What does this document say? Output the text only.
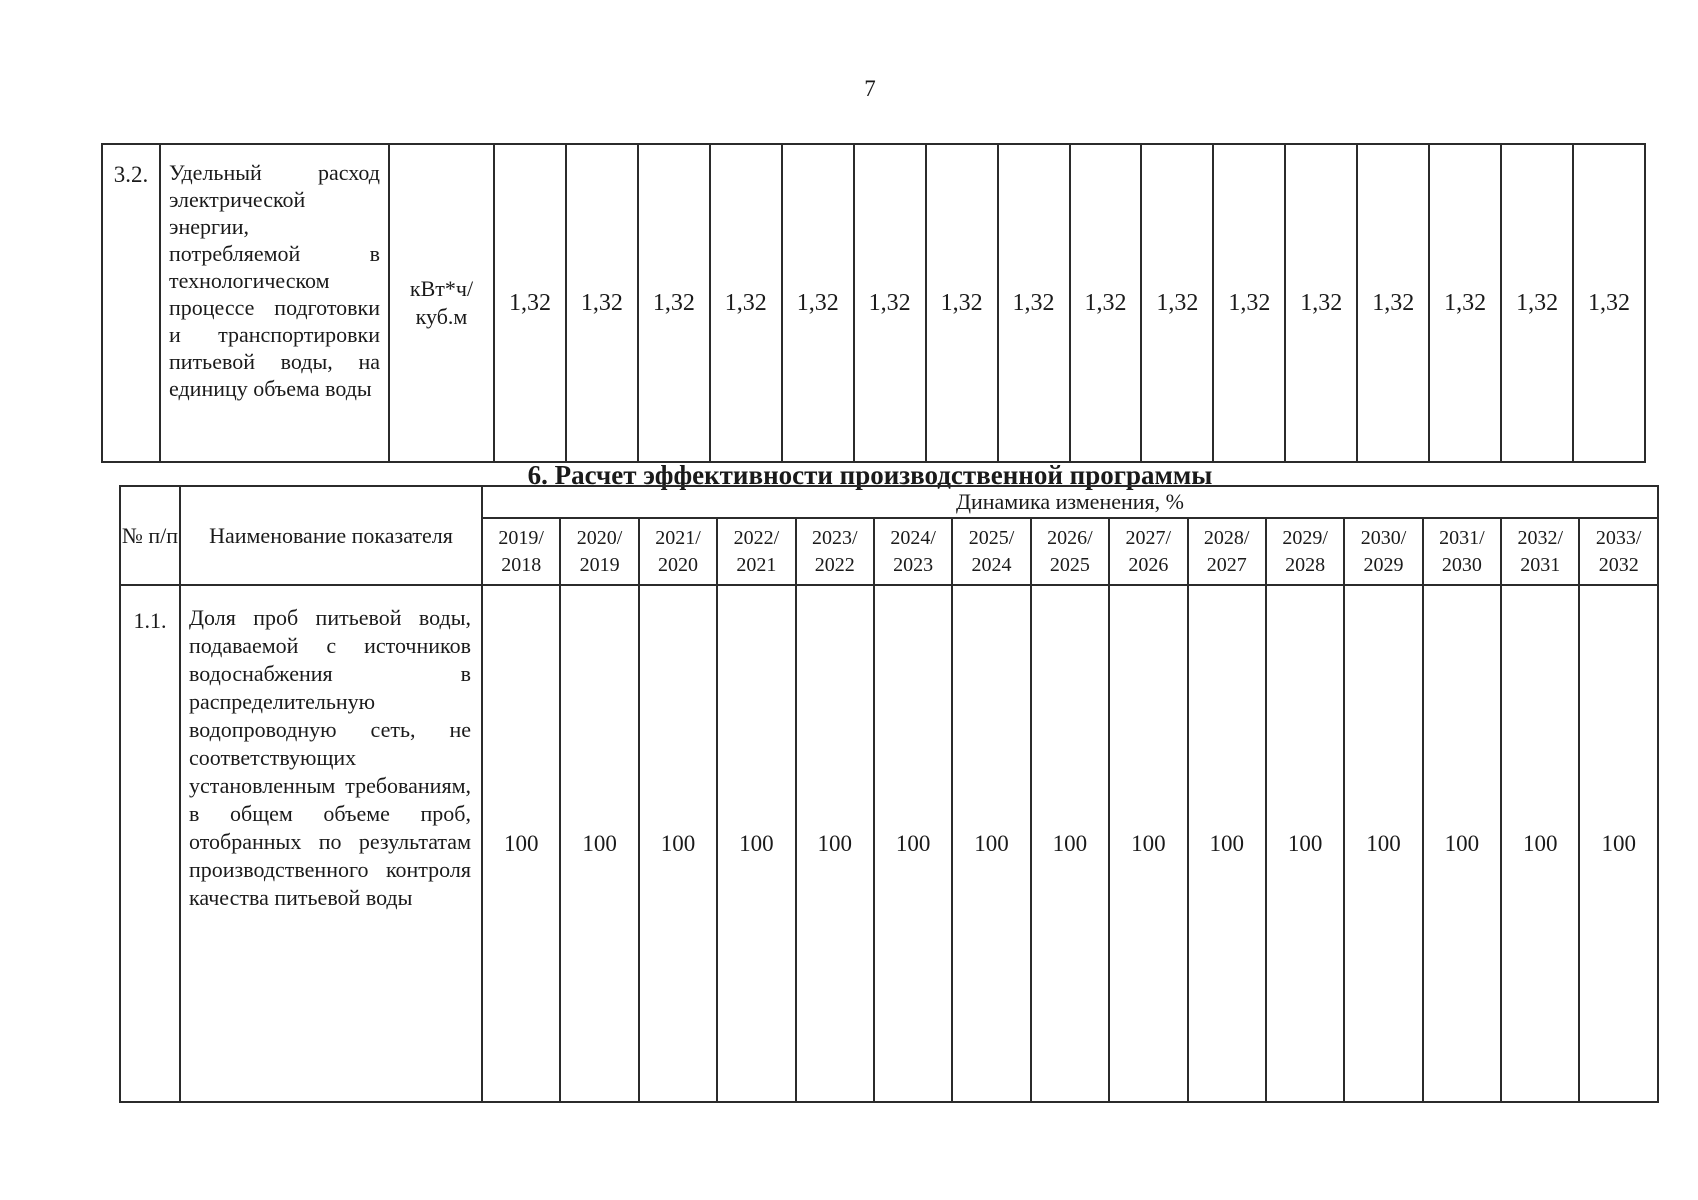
7
3.2.	Удельный расход электрической энергии, потребляемой в технологическом процессе подготовки и транспортировки питьевой воды, на единицу объема воды	кВт*ч/ куб.м	1,32	1,32	1,32	1,32	1,32	1,32	1,32	1,32	1,32	1,32	1,32	1,32	1,32	1,32	1,32	1,32
6. Расчет эффективности производственной программы
№ п/п	Наименование показателя	Динамика изменения, %														
		2019/ 2018	2020/ 2019	2021/ 2020	2022/ 2021	2023/ 2022	2024/ 2023	2025/ 2024	2026/ 2025	2027/ 2026	2028/ 2027	2029/ 2028	2030/ 2029	2031/ 2030	2032/ 2031	2033/ 2032
1.1.	Доля проб питьевой воды, подаваемой с источников водоснабжения в распределительную водопроводную сеть, не соответствующих установленным требованиям, в общем объеме проб, отобранных по результатам производственного контроля качества питьевой воды	100	100	100	100	100	100	100	100	100	100	100	100	100	100	100
